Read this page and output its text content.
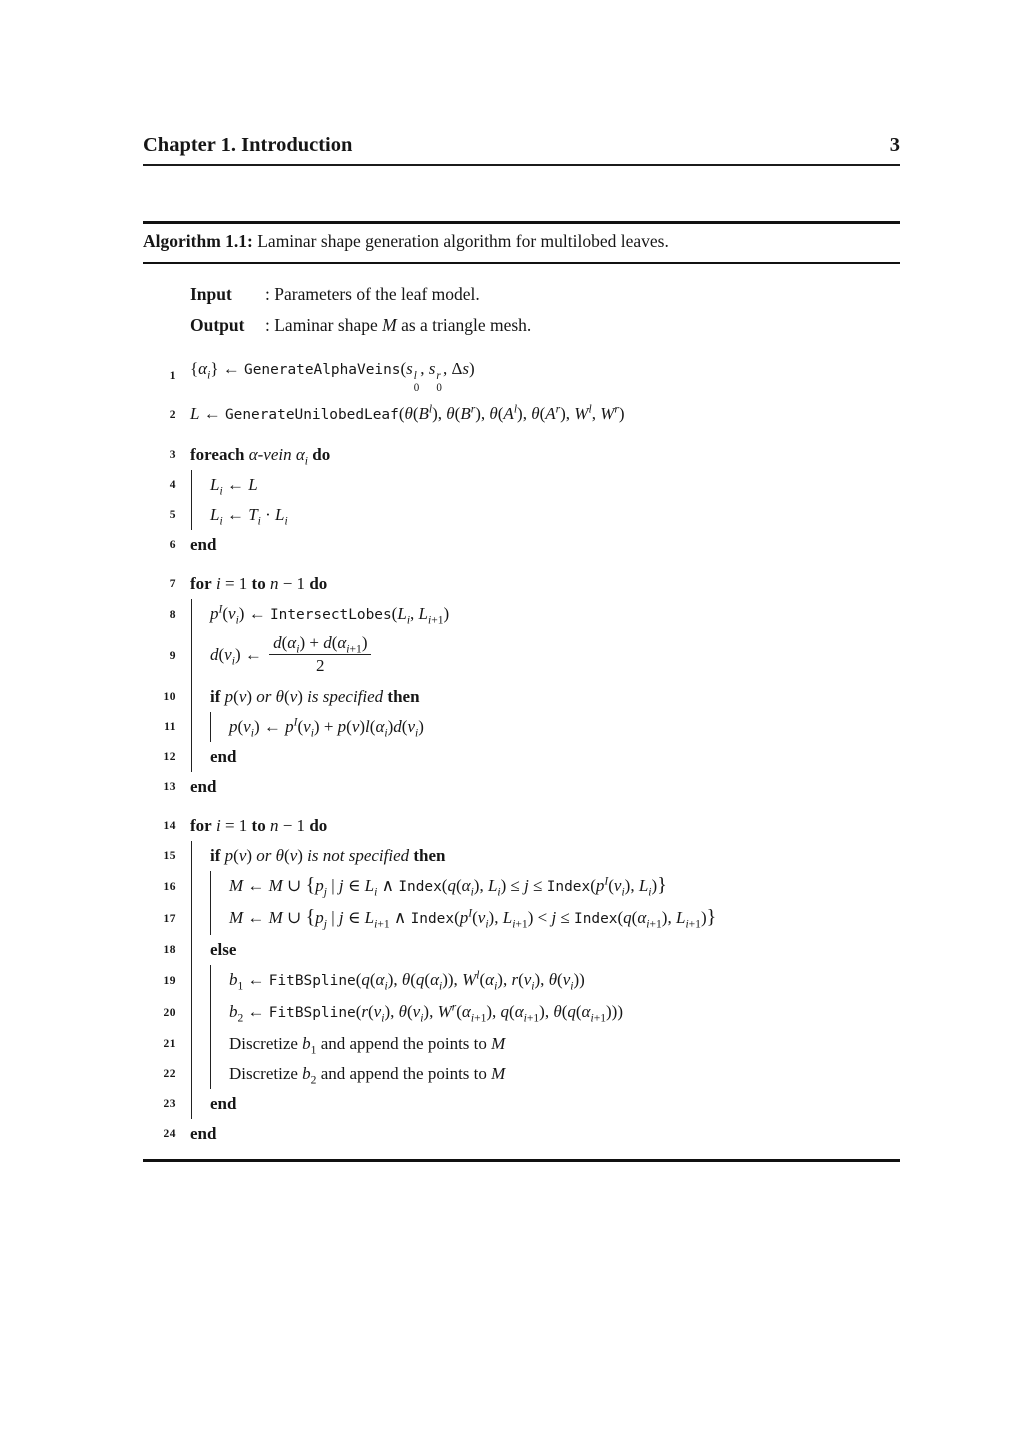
Chapter 1. Introduction	3
Algorithm 1.1: Laminar shape generation algorithm for multilobed leaves.
Input	: Parameters of the leaf model.
Output	: Laminar shape M as a triangle mesh.
1 $\{\alpha_i\}$ ← GenerateAlphaVeins(s l
0
, s r
0
, Δs)
2 L ← $GenerateUnilobedLeaf(\theta(B^l)$, $\theta(B^r)$, $\theta(A^l)$, $\theta(A^r)$, $W^l$, $W^r$)
3 foreach α-vein $\alpha_i$ do
4 $L_i$ ← L
5 $L_i$ ← $T_i \cdot L_i$
6 end
7 for i = 1 to n − 1 do
8 $p^I(v_i)$ ← $IntersectLobes(L_i$, $L_{i+1}$)
9 $d(v_i)$ ← $\frac{d(\alpha_i) + d(\alpha_{i+1})}{2}$
10 if p(v) or θ(v) is specified then
11	$p(v_i)$ ← $p^I(v_i) + p(v)l(\alpha_i)d(v_i)$
12 end
13 end
14 for i = 1 to n − 1 do
15 if p(v) or θ(v) is not specified then
16	M ← M ∪ {$p_j$ | j ∈ $L_i$ ∧ $Index(q(\alpha_i)$, $L_i) \le j$ ≤ $Index(p^I(v_i)$, $L_i$)}
17	M ← M ∪ {$p_j$ | j ∈ $L_{i+1}$ ∧ $Index(p^I(v_i)$, $L_{i+1}) < j$ ≤ $Index(q(\alpha_{i+1})$, $L_{i+1}$)}
18 else
19	$b_1$ ← $FitBSpline(q(\alpha_i)$, $\theta(q(\alpha_i))$, $W^l(\alpha_i)$, $r(v_i)$, $\theta(v_i)$)
20	$b_2$ ← $FitBSpline(r(v_i)$, $\theta(v_i)$, $W^r(\alpha_{i+1})$, $q(\alpha_{i+1})$, $\theta(q(\alpha_{i+1}))$)
21	Discretize $b_1$ and append the points to M
22	Discretize $b_2$ and append the points to M
23 end
24 end
